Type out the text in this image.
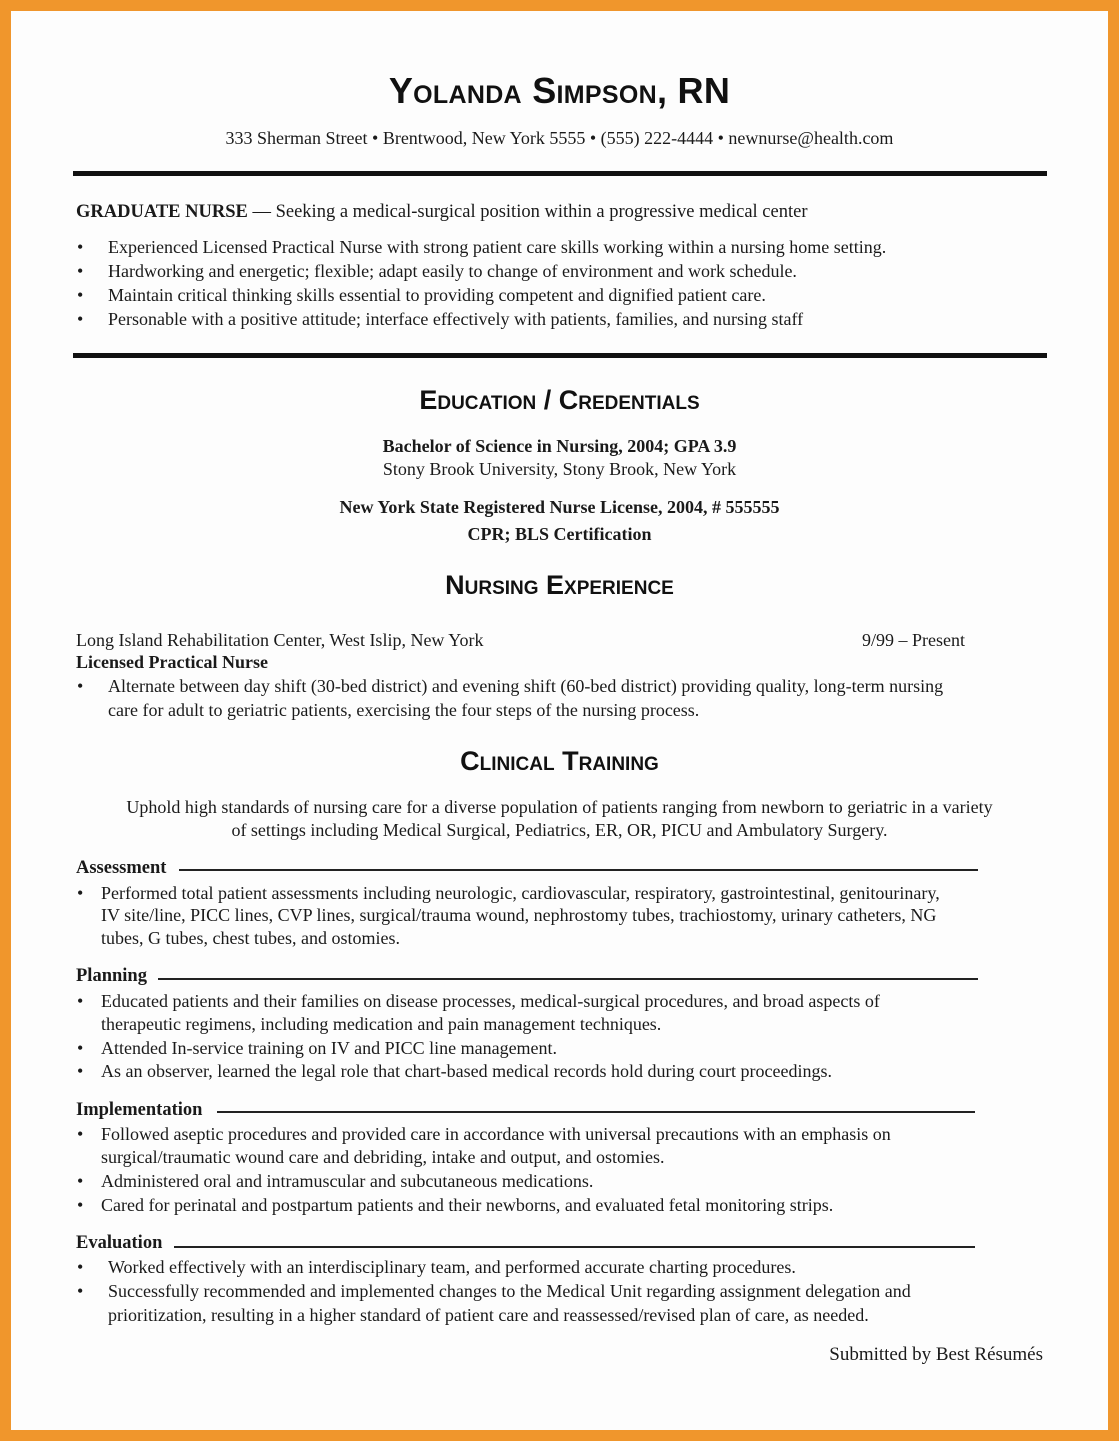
Yolanda Simpson, RN
333 Sherman Street • Brentwood, New York 5555 • (555) 222-4444 • newnurse@health.com
GRADUATE NURSE — Seeking a medical-surgical position within a progressive medical center
• Experienced Licensed Practical Nurse with strong patient care skills working within a nursing home setting.
• Hardworking and energetic; flexible; adapt easily to change of environment and work schedule.
• Maintain critical thinking skills essential to providing competent and dignified patient care.
• Personable with a positive attitude; interface effectively with patients, families, and nursing staff
Education / Credentials
Bachelor of Science in Nursing, 2004; GPA 3.9
Stony Brook University, Stony Brook, New York
New York State Registered Nurse License, 2004, # 555555
CPR; BLS Certification
Nursing Experience
Long Island Rehabilitation Center, West Islip, New York	9/99 – Present
Licensed Practical Nurse
• Alternate between day shift (30-bed district) and evening shift (60-bed district) providing quality, long-term nursing
care for adult to geriatric patients, exercising the four steps of the nursing process.
Clinical Training
Uphold high standards of nursing care for a diverse population of patients ranging from newborn to geriatric in a variety
of settings including Medical Surgical, Pediatrics, ER, OR, PICU and Ambulatory Surgery.
Assessment
• Performed total patient assessments including neurologic, cardiovascular, respiratory, gastrointestinal, genitourinary,
IV site/line, PICC lines, CVP lines, surgical/trauma wound, nephrostomy tubes, trachiostomy, urinary catheters, NG
tubes, G tubes, chest tubes, and ostomies.
Planning
• Educated patients and their families on disease processes, medical-surgical procedures, and broad aspects of
therapeutic regimens, including medication and pain management techniques.
• Attended In-service training on IV and PICC line management.
• As an observer, learned the legal role that chart-based medical records hold during court proceedings.
Implementation
• Followed aseptic procedures and provided care in accordance with universal precautions with an emphasis on
surgical/traumatic wound care and debriding, intake and output, and ostomies.
• Administered oral and intramuscular and subcutaneous medications.
• Cared for perinatal and postpartum patients and their newborns, and evaluated fetal monitoring strips.
Evaluation
• Worked effectively with an interdisciplinary team, and performed accurate charting procedures.
• Successfully recommended and implemented changes to the Medical Unit regarding assignment delegation and
prioritization, resulting in a higher standard of patient care and reassessed/revised plan of care, as needed.
Submitted by Best Résumés
